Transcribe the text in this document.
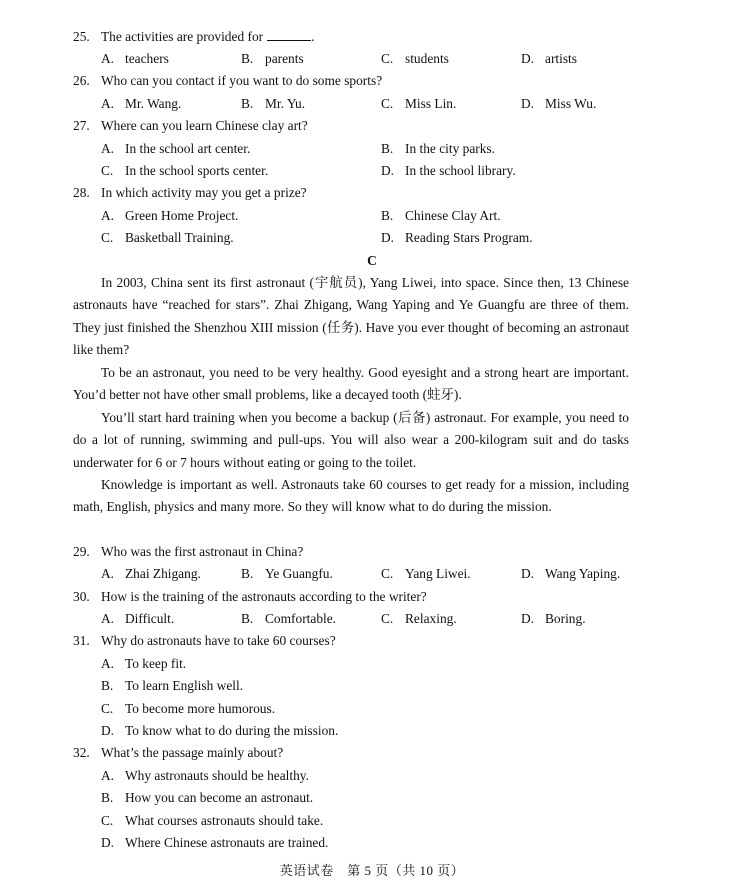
25. The activities are provided for	.
A. teachers	B. parents	C. students	D. artists
26. Who can you contact if you want to do some sports?
A. Mr. Wang.	B. Mr. Yu.	C. Miss Lin.	D. Miss Wu.
27. Where can you learn Chinese clay art?
A. In the school art center.	B. In the city parks.
C. In the school sports center.	D. In the school library.
28. In which activity may you get a prize?
A. Green Home Project.	B. Chinese Clay Art.
C. Basketball Training.	D. Reading Stars Program.
C
In 2003, China sent its first astronaut (宇航员), Yang Liwei, into space. Since then, 13 Chinese astronauts have “reached for stars”. Zhai Zhigang, Wang Yaping and Ye Guangfu are three of them. They just finished the Shenzhou XIII mission (任务). Have you ever thought of becoming an astronaut like them?
To be an astronaut, you need to be very healthy. Good eyesight and a strong heart are important. You’d better not have other small problems, like a decayed tooth (蛀牙).
You’ll start hard training when you become a backup (后备) astronaut. For example, you need to do a lot of running, swimming and pull-ups. You will also wear a 200-kilogram suit and do tasks underwater for 6 or 7 hours without eating or going to the toilet.
Knowledge is important as well. Astronauts take 60 courses to get ready for a mission, including math, English, physics and many more. So they will know what to do during the mission.
29. Who was the first astronaut in China?
A. Zhai Zhigang.	B. Ye Guangfu.	C. Yang Liwei.	D. Wang Yaping.
30. How is the training of the astronauts according to the writer?
A. Difficult.	B. Comfortable.	C. Relaxing.	D. Boring.
31. Why do astronauts have to take 60 courses?
A. To keep fit.
B. To learn English well.
C. To become more humorous.
D. To know what to do during the mission.
32. What’s the passage mainly about?
A. Why astronauts should be healthy.
B. How you can become an astronaut.
C. What courses astronauts should take.
D. Where Chinese astronauts are trained.
英语试卷　第 5 页（共 10 页）
